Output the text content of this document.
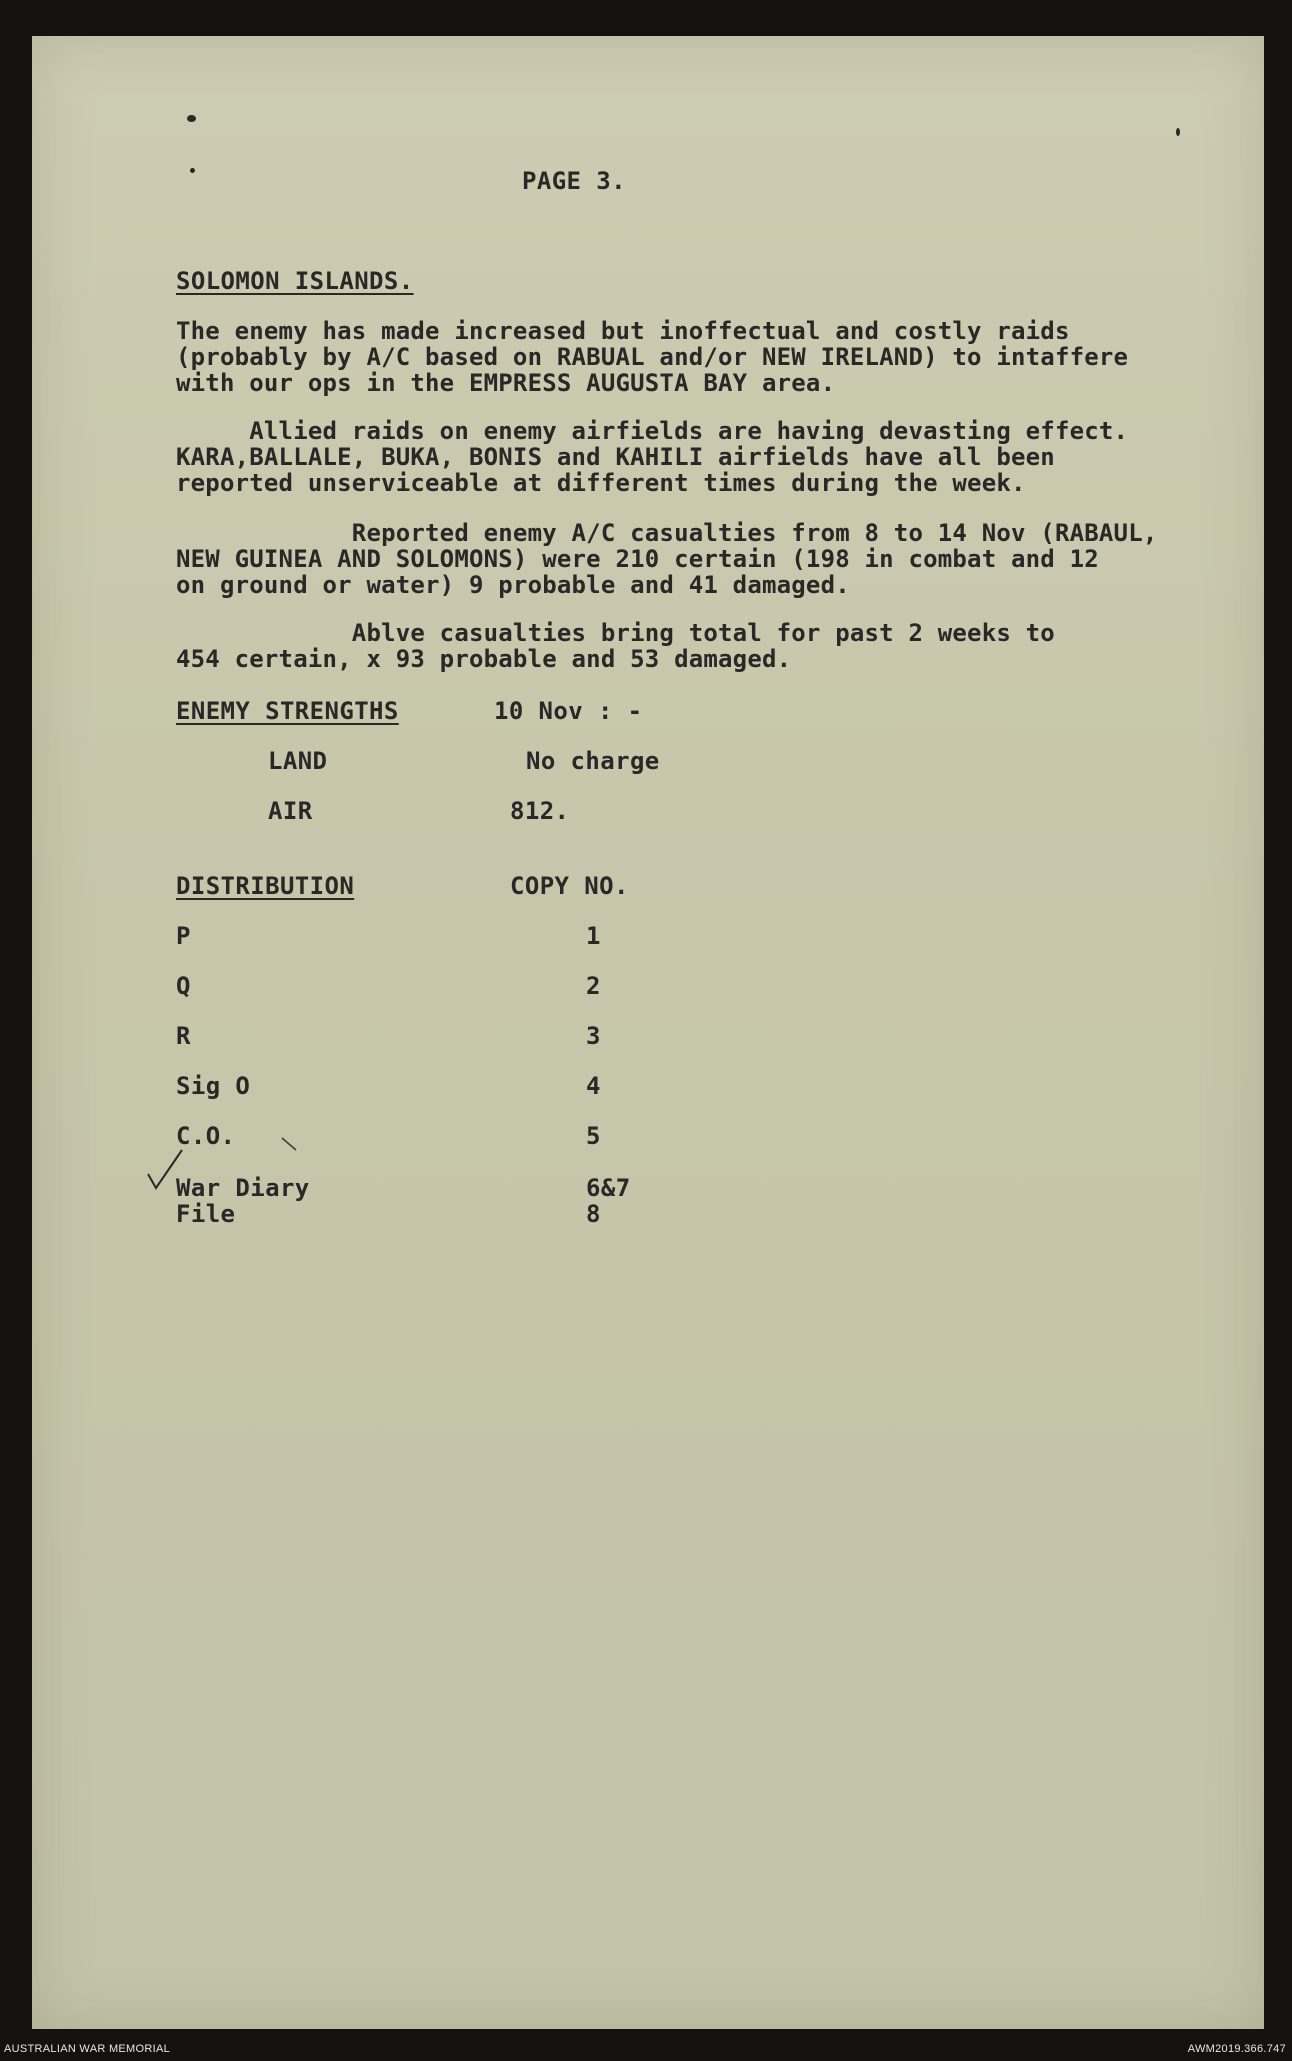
PAGE 3.
SOLOMON ISLANDS.
The enemy has made increased but inoffectual and costly raids
(probably by A/C based on RABUAL and/or NEW IRELAND) to intaffere
with our ops in the EMPRESS AUGUSTA BAY area.
Allied raids on enemy airfields are having devasting effect.
KARA,BALLALE, BUKA, BONIS and KAHILI airfields have all been
reported unserviceable at different times during the week.
Reported enemy A/C casualties from 8 to 14 Nov (RABAUL,
NEW GUINEA AND SOLOMONS) were 210 certain (198 in combat and 12
on ground or water) 9 probable and 41 damaged.
Ablve casualties bring total for past 2 weeks to
454 certain, x 93 probable and 53 damaged.
ENEMY STRENGTHS	10 Nov : -
LAND	No charge
AIR	812.
DISTRIBUTION	COPY NO.
P	1
Q	2
R	3
Sig O	4
C.O.	5
War Diary	6&7
File	8
AUSTRALIAN WAR MEMORIAL	AWM2019.366.747
